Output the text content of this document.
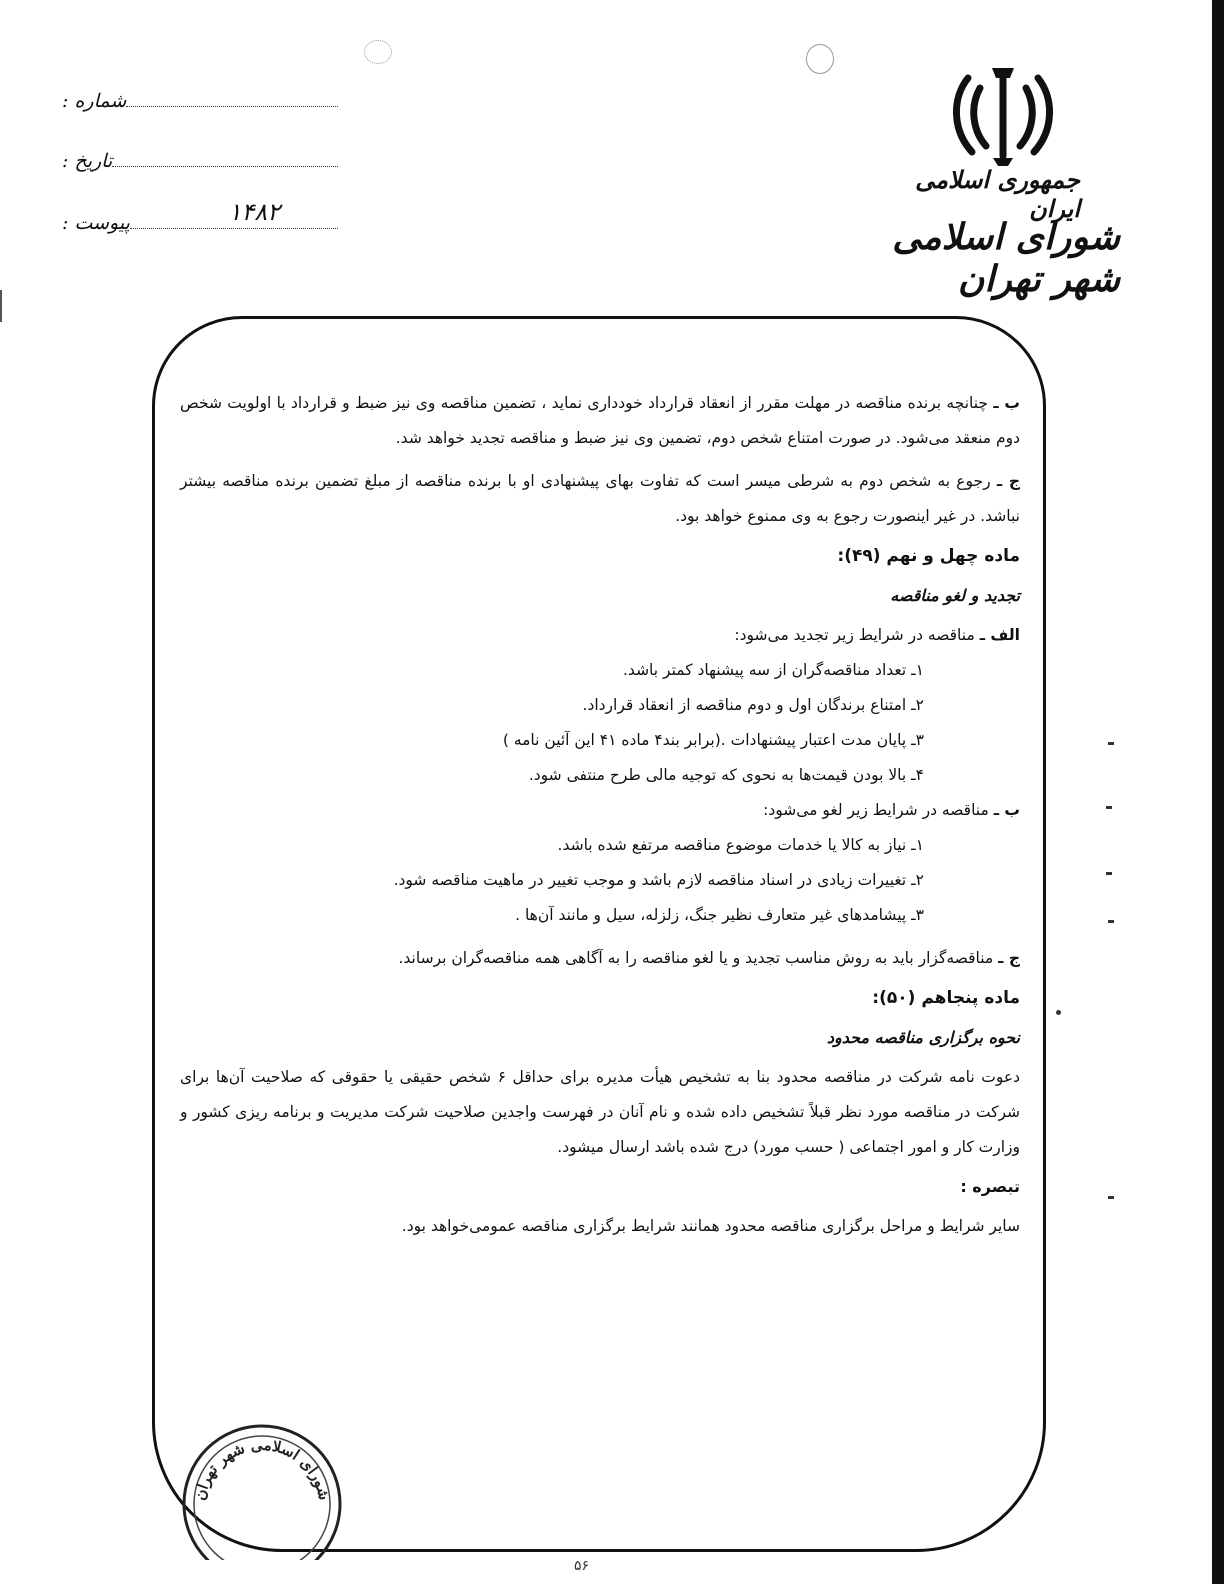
شماره :
تاریخ :
پیوست :	۱۴۸۲
جمهوری اسلامی ایران
شورای اسلامی شهر تهران

ب ـ چنانچه برنده مناقصه در مهلت مقرر از انعقاد قرارداد خودداری نماید ، تضمین مناقصه وی نیز ضبط و قرارداد با اولویت شخص دوم منعقد می‌شود. در صورت امتناع شخص دوم، تضمین وی نیز ضبط و مناقصه تجدید خواهد شد.

ج ـ رجوع به شخص دوم به شرطی میسر است که تفاوت بهای پیشنهادی او با برنده مناقصه از مبلغ تضمین برنده مناقصه بیشتر نباشد. در غیر اینصورت رجوع به وی ممنوع خواهد بود.

ماده چهل و نهم (۴۹):
تجدید و لغو مناقصه

الف ـ مناقصه در شرایط زیر تجدید می‌شود:

۱ـ تعداد مناقصه‌گران از سه پیشنهاد کمتر باشد.

۲ـ امتناع برندگان اول و دوم مناقصه از انعقاد قرارداد.

۳ـ پایان مدت اعتبار پیشنهادات .(برابر بند۴ ماده ۴۱ این آئین نامه )

۴ـ بالا بودن قیمت‌ها به نحوی که توجیه مالی طرح منتفی شود.

ب ـ مناقصه در شرایط زیر لغو می‌شود:

۱ـ نیاز به کالا یا خدمات موضوع مناقصه مرتفع شده باشد.

۲ـ تغییرات زیادی در اسناد مناقصه لازم باشد و موجب تغییر در ماهیت مناقصه شود.

۳ـ پیشامدهای غیر متعارف نظیر جنگ، زلزله، سیل و مانند آن‌ها .

ج ـ مناقصه‌گزار باید به روش مناسب تجدید و یا لغو مناقصه را به آگاهی همه مناقصه‌گران برساند.

ماده پنجاهم (۵۰):
نحوه برگزاری مناقصه محدود

دعوت نامه شرکت در مناقصه محدود بنا به تشخیص هیأت مدیره برای حداقل ۶ شخص حقیقی یا حقوقی که صلاحیت آن‌ها برای شرکت در مناقصه مورد نظر قبلاً تشخیص داده شده و نام آنان در فهرست واجدین صلاحیت شرکت مدیریت و برنامه ریزی کشور و وزارت کار و امور اجتماعی ( حسب مورد) درج شده باشد ارسال میشود.

تبصره :

سایر شرایط و مراحل برگزاری مناقصه محدود همانند شرایط برگزاری مناقصه عمومی‌خواهد بود.

شورای اسلامی شهر تهران
۵۶
